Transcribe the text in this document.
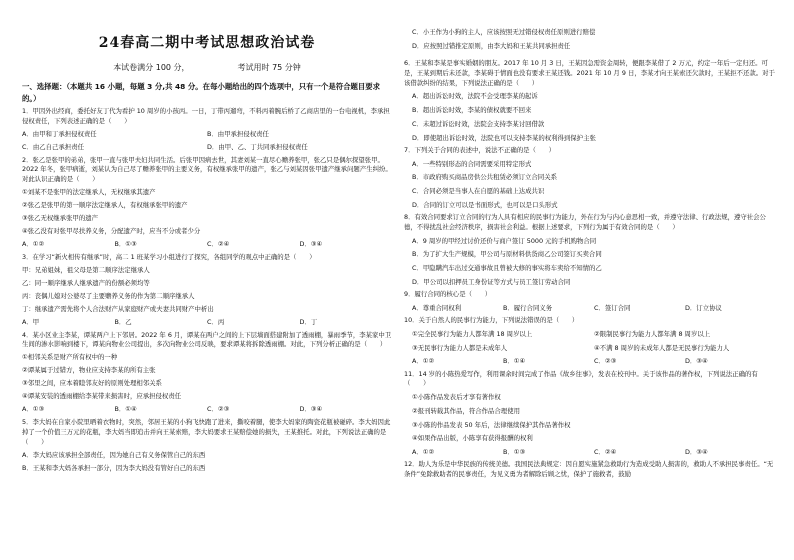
24春高二期中考试思想政治试卷
本试卷满分 100 分，	考试用时 75 分钟
一、选择题：（本题共 16 小题，每题 3 分,共 48 分。在每小题给出的四个选项中，只有一个是符合题目要求的。）
1．甲因外出经商，委托好友丁代为看护 10 周岁的小孩丙。一日，丁带丙遛弯，不料丙着腕后桥了乙商店里的一台电视机，李承担侵权责任，下列表述正确的是（　　）
A．由甲和丁承担侵权责任	B．由甲承担侵权责任
C．由乙自己承担责任	D．由甲、乙、丁共同承担侵权责任
2．张乙是张甲的弟弟，张甲一直与张甲夫妇共同生活。后张甲因病去世，其妻刘某一直尽心赡养张甲，张乙只是偶尔探望张甲。2022 年冬，张甲病逝，刘某认为自己尽了赡养张甲的主要义务，有权继承张甲的遗产，张乙与刘某因张甲遗产继承问题产生纠纷。对此认识正确的是（　　）
①刘某不是张甲的法定继承人，无权继承其遗产
②张乙是张甲的第一顺序法定继承人，有权继承张甲的遗产
③张乙无权继承张甲的遗产
④张乙没有对张甲尽扶养义务，分配遗产时，应当不分或者少分
A．①②	B．①③	C．②④	D．③④
3．在学习“新火相传有继承”时，高二 1 班某学习小组进行了探究，各组同学的观点中正确的是（　　）
甲：兄弟姐妹，祖父母是第二顺序法定继承人
乙：同一顺序继承人继承遗产的份额必须均等
丙：丧偶儿媳对公婆尽了主要赡养义务的作为第二顺序继承人
丁：继承遗产需先将个人合法财产从家庭财产或夫妻共同财产中析出
A．甲	B．乙	C．丙	D．丁
4．某小区业主李某，谭某两户上下邻居。2022 年 6 月，谭某在两户之间的上下层墙面搭建附加了透雨棚，暴雨季节，李某家中卫生间的渗水影响到楼下，谭某向物业公司提出，多次向物业公司反映，要求谭某将拆除透雨棚。对此，下列分析正确的是（　　）
①相邻关系是财产所有权中的一种
②谭某属于过错方，物业应支持李某的所有主张
③邻里之间，应本着睦邻友好的原则处理相邻关系
④谭某安装的透雨棚给李某带来损害时，应承担侵权责任
A．①③	B．①④	C．②③	D．③④
5．李大妈在自家小院里晒着衣物时，突然，邻居王某的小狗飞快跑了进来，撕咬着腿，使李大妈家的陶瓷花瓶被碰碎。李大妈因此掉了一个价值三万元的花瓶，李大妈当即追击并向王某索赔，李大妈要求王某赔偿她的损失，王某推托。对此，下列说法正确的是（　　）
A．李大妈应该承担全部责任，因为她自己有义务保管自己的东西
B．王某和李大妈各承担一部分，因为李大妈没有管好自己的东西
C．小王作为小狗的主人，应该按照无过错侵权责任原则进行赔偿
D．应按照过错推定原则，由李大妈和王某共同承担责任
6．王某和李某是事实婚姻的朋友。2017 年 10 月 3 日，王某因急需资金周转，便跟李某借了 2 万元，约定一年后一定归还。可是，王某到期后未还款，李某碍于情面也没有要求王某还钱。2021 年 10 月 9 日，李某才向王某索还欠款时，王某拒不还款。对于该借款纠纷的结果，下列说法正确的是（　　）
A．超出诉讼时效，法院不会受理李某的起诉
B．超出诉讼时效，李某的债权就要不回来
C．未超过诉讼时效，法院会支持李某讨回借款
D．即使超出诉讼时效，法院也可以支持李某的权利得到保护主张
7．下列关于合同的表述中，说法不正确的是（　　）
A．一些特别形态的合同需要采用特定形式
B．市政府购买商品房供公共租赁必须订立合同关系
C．合同必须是当事人在自愿的基础上达成共识
D．合同的订立可以是书面形式，也可以是口头形式
8．有效合同要求订立合同的行为人具有相应的民事行为能力，外在行为与内心意思相一致，并遵守法律、行政法规，遵守社会公德，不得扰乱社会经济秩序，损害社会利益。根据上述要求，下列行为属于有效合同的是（　　）
A．9 周岁的甲经过讨价还价与商户签订 5000 元的手机购物合同
B．为了扩大生产规模，甲公司与原材料供货商乙公司签订买卖合同
C．甲隐瞒汽车出过交通事故且曾被大修的事实将车卖给不知情的乙
D．甲公司以扣押员工身份证等方式与员工签订劳动合同
9．履行合同的核心是（　　）
A．尊重合同权利	B．履行合同义务	C．签订合同	D．订立协议
10．关于自然人的民事行为能力，下列说法错误的是（　　）
①完全民事行为能力人都年满 18 周岁以上	②限制民事行为能力人都年满 8 周岁以上
③无民事行为能力人都是未成年人	④不满 8 周岁的未成年人都是无民事行为能力人
A．①②	B．①④	C．②③	D．③④
11．14 岁的小陈热爱写作，利用课余时间完成了作品《故乡往事》，发表在校刊中。关于该作品的著作权，下列说法正确的有（　　）
①小陈作品发表后才享有著作权
②报刊转载其作品，符合作品合理使用
③小陈的作品发表 50 年后，法律继续保护其作品著作权
④如果作品出版，小陈享有获得报酬的权利
A．①②	B．①③	C．②④	D．③④
12．助人为乐是中华民族的传统美德。我国民法典规定：因自愿实施紧急救助行为造成受助人损害的，救助人不承担民事责任。“无条件”免除救助者的民事责任，为见义勇为者解除后顾之忧，保护了施救者，鼓励
